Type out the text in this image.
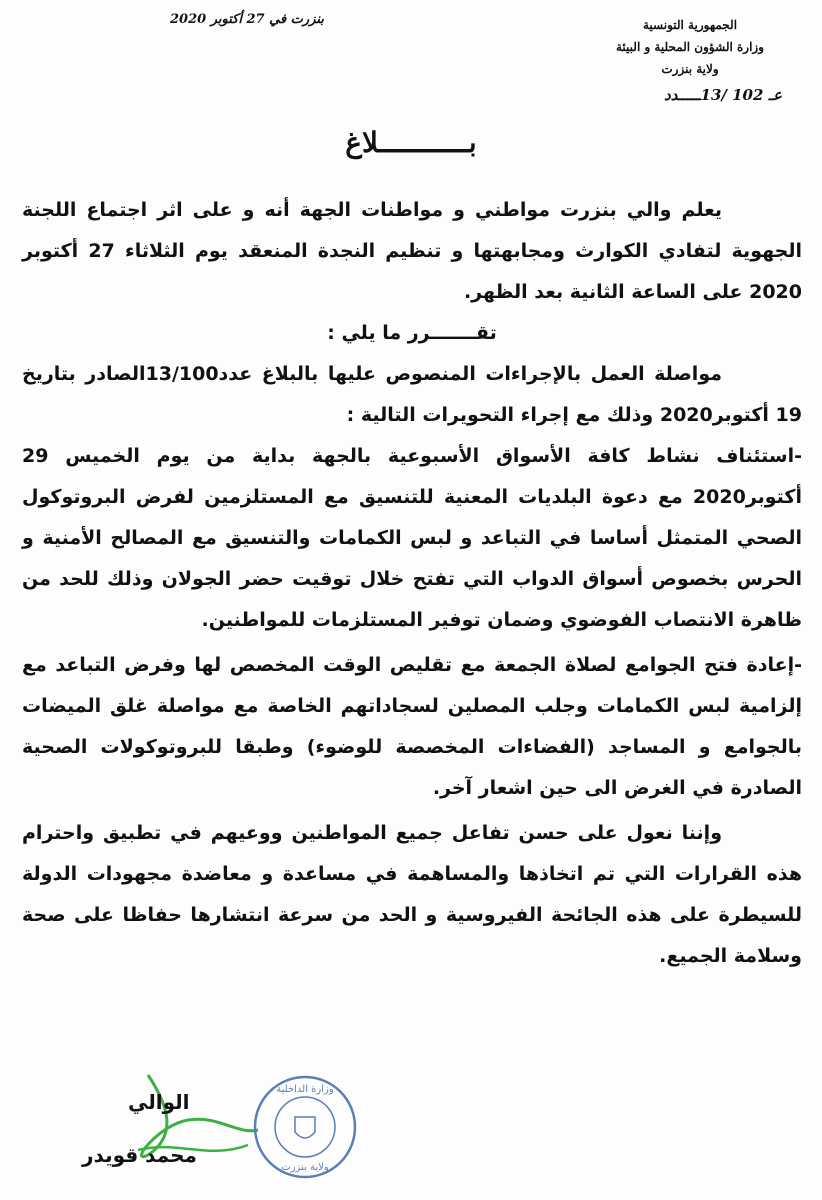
الجمهورية التونسية
وزارة الشؤون المحلية و البيئة
ولاية بنزرت
بنزرت في 27 أكتوبر 2020
عـ 102 /13ـــــدد
بـــــــــــلاغ

يعلم والي بنزرت مواطني و مواطنات الجهة أنه و على اثر اجتماع اللجنة الجهوية لتفادي الكوارث ومجابهتها و تنظيم النجدة المنعقد يوم الثلاثاء 27 أكتوبر 2020 على الساعة الثانية بعد الظهر.

تقـــــــرر ما يلي :

مواصلة العمل بالإجراءات المنصوص عليها بالبلاغ عدد13/100الصادر بتاريخ 19 أكتوبر2020 وذلك مع إجراء التحويرات التالية :

-استئناف نشاط كافة الأسواق الأسبوعية بالجهة بداية من يوم الخميس 29 أكتوبر2020 مع دعوة البلديات المعنية للتنسيق مع المستلزمين لفرض البروتوكول الصحي المتمثل أساسا في التباعد و لبس الكمامات والتنسيق مع المصالح الأمنية و الحرس بخصوص أسواق الدواب التي تفتح خلال توقيت حضر الجولان وذلك للحد من ظاهرة الانتصاب الفوضوي وضمان توفير المستلزمات للمواطنين.

-إعادة فتح الجوامع لصلاة الجمعة مع تقليص الوقت المخصص لها وفرض التباعد مع إلزامية لبس الكمامات وجلب المصلين لسجاداتهم الخاصة مع مواصلة غلق الميضات بالجوامع و المساجد (الفضاءات المخصصة للوضوء) وطبقا للبروتوكولات الصحية الصادرة في الغرض الى حين اشعار آخر.

وإننا نعول على حسن تفاعل جميع المواطنين ووعيهم في تطبيق واحترام هذه القرارات التي تم اتخاذها والمساهمة في مساعدة و معاضدة مجهودات الدولة للسيطرة على هذه الجائحة الفيروسية و الحد من سرعة انتشارها حفاظا على صحة وسلامة الجميع.

وزارة الداخلية
ولاية بنزرت
الوالي
محمد قويدر
